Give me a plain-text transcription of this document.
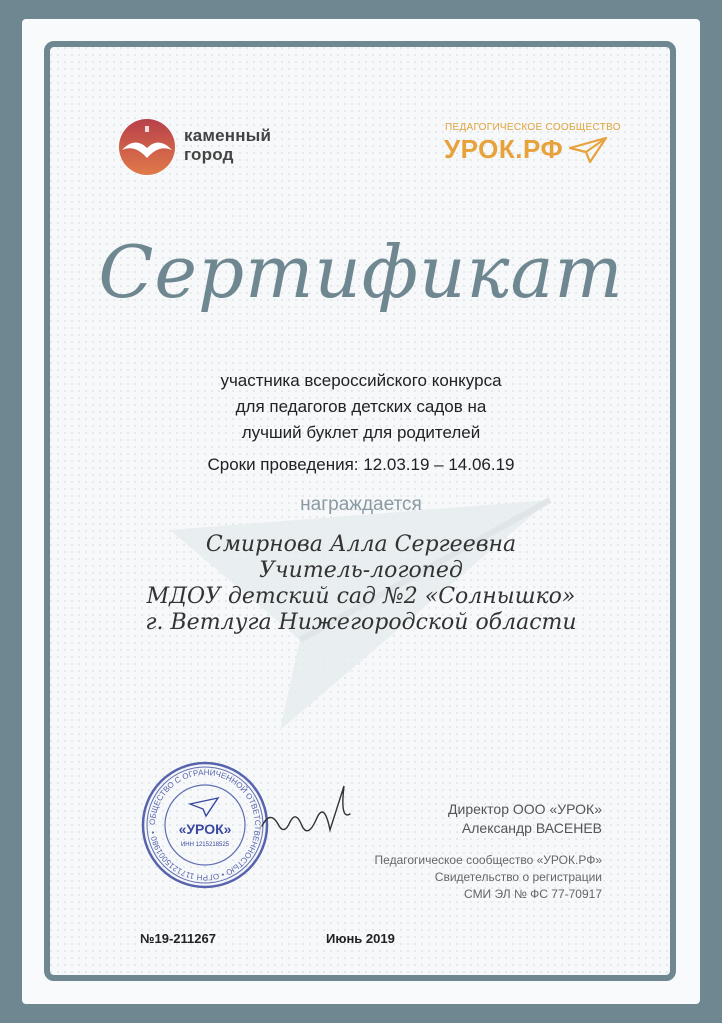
каменный
город
ПЕДАГОГИЧЕСКОЕ СООБЩЕСТВО
УРОК.РФ
Сертификат
участника всероссийского конкурса
для педагогов детских садов на
лучший буклет для родителей
Сроки проведения: 12.03.19 – 14.06.19
награждается
Смирнова Алла Сергеевна
Учитель-логопед
МДОУ детский сад №2 «Солнышко»
г. Ветлуга Нижегородской области
ОБЩЕСТВО С ОГРАНИЧЕННОЙ ОТВЕТСТВЕННОСТЬЮ • ОГРН 1171215001980 •	«УРОК»
ИНН 1215218525
Директор ООО «УРОК»
Александр ВАСЕНЕВ
Педагогическое сообщество «УРОК.РФ»
Свидетельство о регистрации
СМИ ЭЛ № ФС 77-70917
№19-211267	Июнь 2019
